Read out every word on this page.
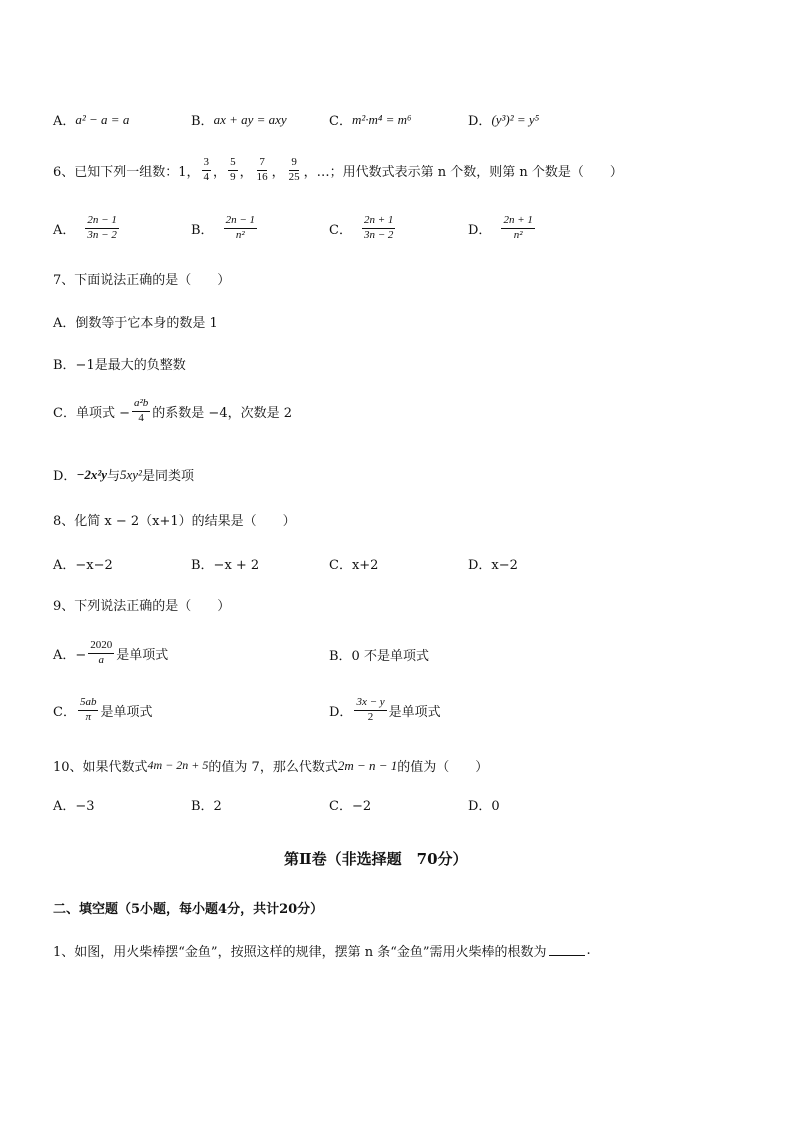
A． a² − a = a	B． ax + ay = axy	C． m²·m⁴ = m⁶	D． (y³)² = y⁵
6、已知下列一组数：1， $\frac{3}{4}$ ， $\frac{5}{9}$ ， $\frac{7}{16}$ ， $\frac{9}{25}$ ，…；用代数式表示第 n 个数，则第 n 个数是（　　）
A． $\frac{2n - 1}{3n - 2}$	B． $\frac{2n - 1}{\text{n²}}$	C． $\frac{2n + 1}{3n - 2}$	D． $\frac{2n + 1}{\text{n²}}$
7、下面说法正确的是（　　）
A．倒数等于它本身的数是 1
B．−1是最大的负整数
C．单项式 − $\frac{\text{a²b}}{4}$ 的系数是 −4，次数是 2
D． −2x²y 与 5xy² 是同类项
8、化简 x − 2（x+1）的结果是（　　）
A．−x−2	B．−x + 2	C．x+2	D．x−2
9、下列说法正确的是（　　）
A．− $\frac{2020}{a}$ 是单项式	B．0 不是单项式
C． $\frac{5ab}{\pi}$ 是单项式	D． $\frac{3x - y}{2}$ 是单项式
10、如果代数式 4m − 2n + 5 的值为 7，那么代数式 2m − n − 1 的值为（　　）
A．−3	B．2	C．−2	D．0
第Ⅱ卷（非选择题　70分）
二、填空题（5小题，每小题4分，共计20分）
1、如图，用火柴棒摆“金鱼”，按照这样的规律，摆第 n 条“金鱼”需用火柴棒的根数为	.
